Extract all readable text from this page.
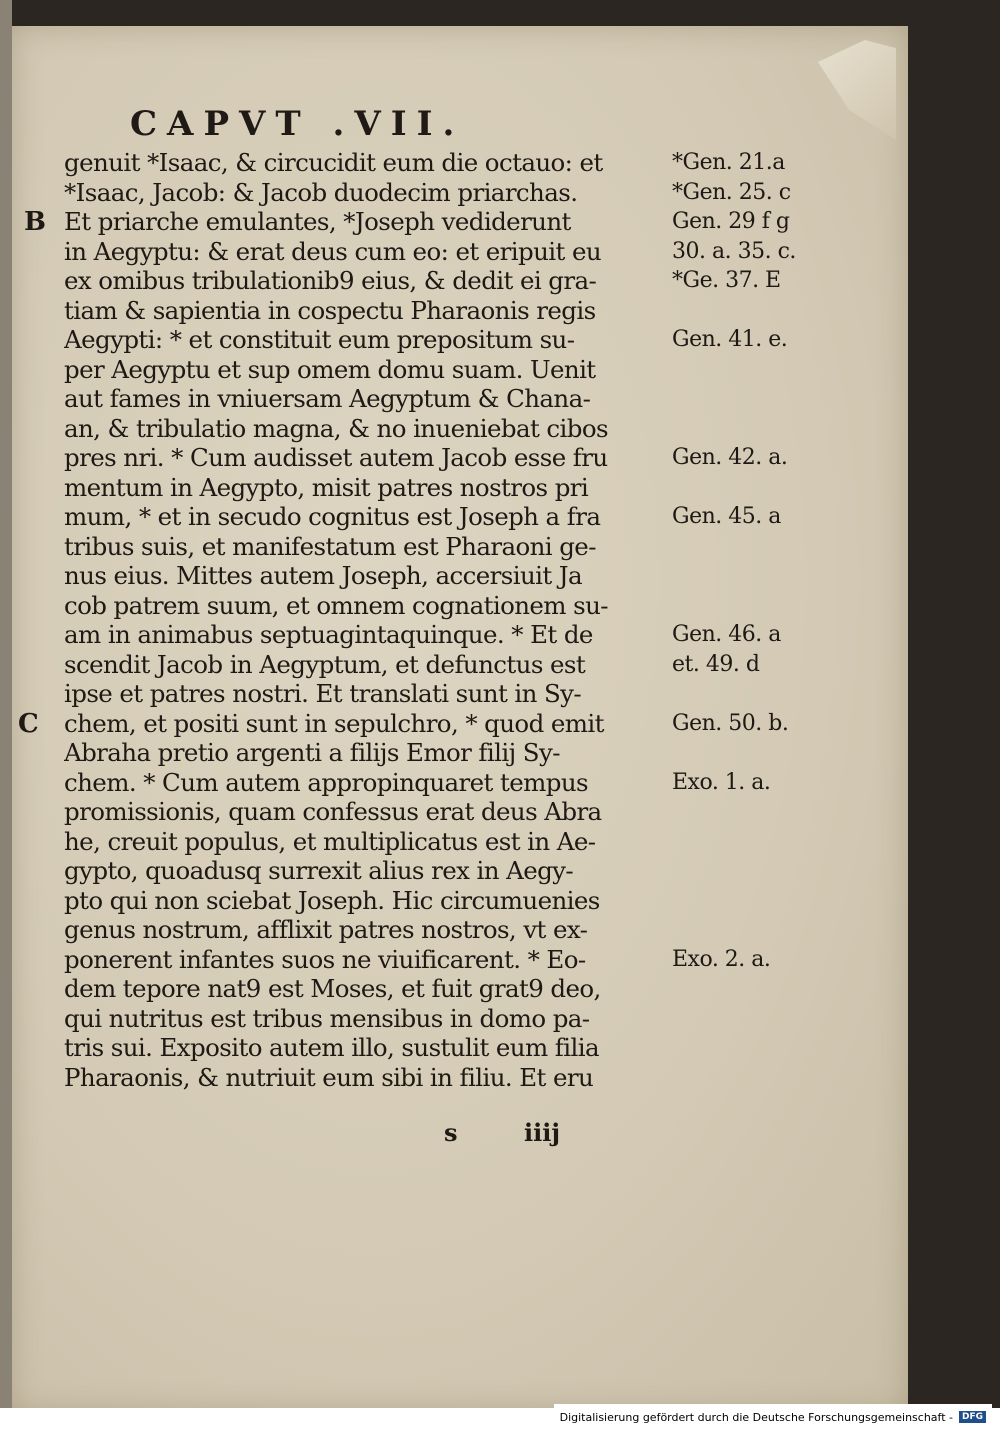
CAPVT .VII.
genuit *Isaac, & circucidit eum die octauo: et
*Isaac, Jacob: & Jacob duodecim priarchas.
Et priarche emulantes, *Joseph vediderunt
in Aegyptu: & erat deus cum eo: et eripuit eu
ex omibus tribulationib9 eius, & dedit ei gra-
tiam & sapientia in cospectu Pharaonis regis
Aegypti: * et constituit eum prepositum su-
per Aegyptu et sup omem domu suam. Uenit
aut fames in vniuersam Aegyptum & Chana-
an, & tribulatio magna, & no inueniebat cibos
pres nri. * Cum audisset autem Jacob esse fru
mentum in Aegypto, misit patres nostros pri
mum, * et in secudo cognitus est Joseph a fra
tribus suis, et manifestatum est Pharaoni ge-
nus eius. Mittes autem Joseph, accersiuit Ja
cob patrem suum, et omnem cognationem su-
am in animabus septuagintaquinque. * Et de
scendit Jacob in Aegyptum, et defunctus est
ipse et patres nostri. Et translati sunt in Sy-
chem, et positi sunt in sepulchro, * quod emit
Abraha pretio argenti a filijs Emor filij Sy-
chem. * Cum autem appropinquaret tempus
promissionis, quam confessus erat deus Abra
he, creuit populus, et multiplicatus est in Ae-
gypto, quoadusq surrexit alius rex in Aegy-
pto qui non sciebat Joseph. Hic circumuenies
genus nostrum, afflixit patres nostros, vt ex-
ponerent infantes suos ne viuificarent. * Eo-
dem tepore nat9 est Moses, et fuit grat9 deo,
qui nutritus est tribus mensibus in domo pa-
tris sui. Exposito autem illo, sustulit eum filia
Pharaonis, & nutriuit eum sibi in filiu. Et eru
*Gen. 21.a
*Gen. 25. c
Gen. 29 f g
30. a. 35. c.
*Ge. 37. E
Gen. 41. e.
Gen. 42. a.
Gen. 45. a
Gen. 46. a
et. 49. d
Gen. 50. b.
Exo. 1. a.
Exo. 2. a.
B
C
s	iiij
Digitalisierung gefördert durch die Deutsche Forschungsgemeinschaft -	DFG
